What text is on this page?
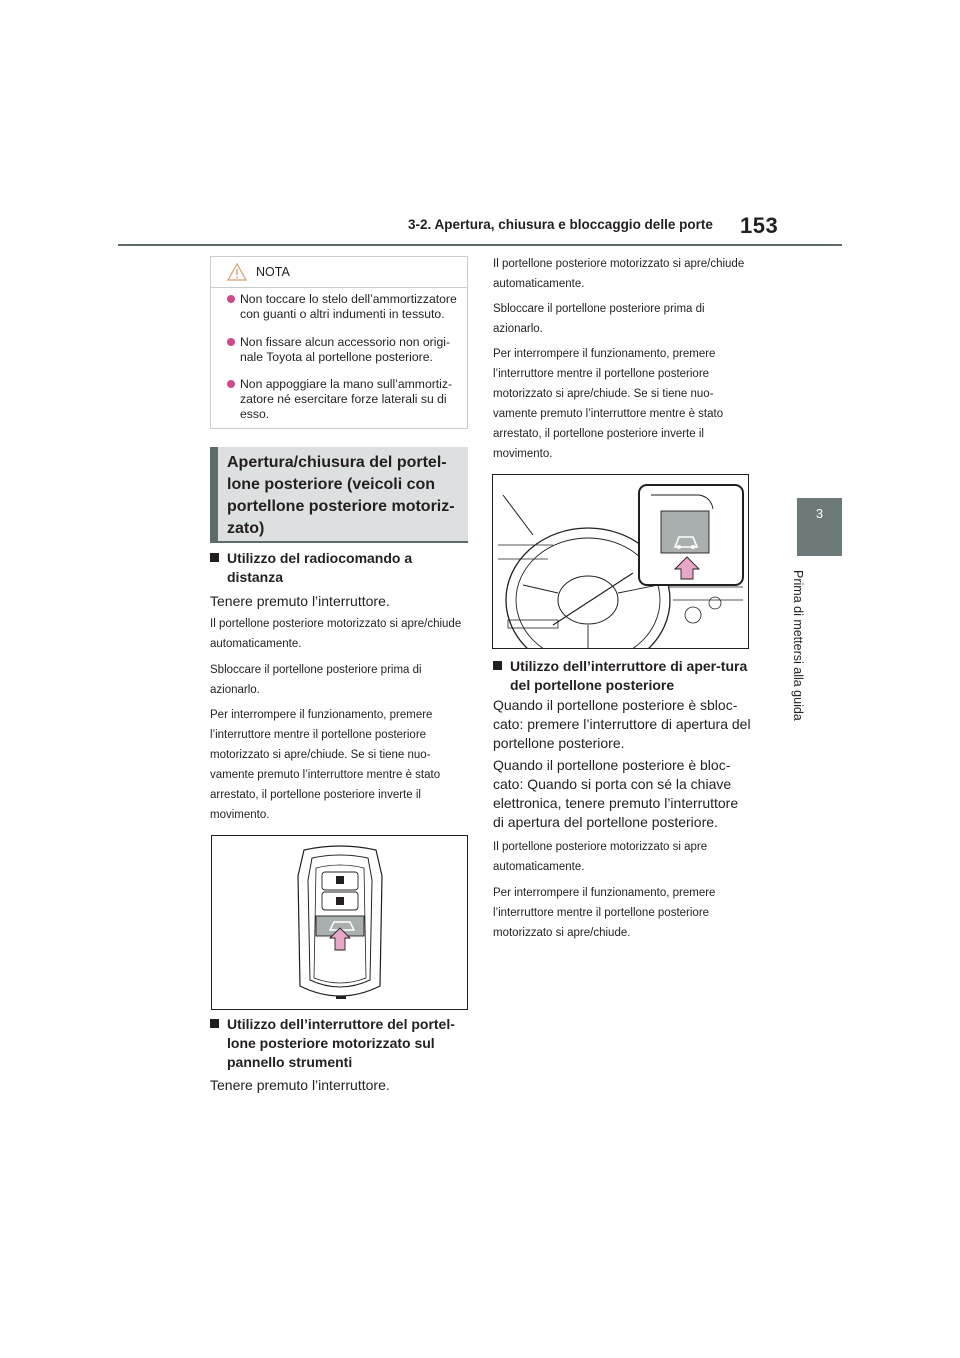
3-2. Apertura, chiusura e bloccaggio delle porte 153
3
Prima di mettersi alla guida
NOTA
Non toccare lo stelo dell’ammortizzatore con guanti o altri indumenti in tessuto.
Non fissare alcun accessorio non origi-nale Toyota al portellone posteriore.
Non appoggiare la mano sull’ammortiz-zatore né esercitare forze laterali su di esso.
Apertura/chiusura del portel-lone posteriore (veicoli con portellone posteriore motoriz-zato)
Utilizzo del radiocomando a distanza
Tenere premuto l’interruttore.
Il portellone posteriore motorizzato si apre/chiude automaticamente.
Sbloccare il portellone posteriore prima di azionarlo.
Per interrompere il funzionamento, premere l’interruttore mentre il portellone posteriore motorizzato si apre/chiude. Se si tiene nuo-vamente premuto l’interruttore mentre è stato arrestato, il portellone posteriore inverte il movimento.
Utilizzo dell’interruttore del portel-lone posteriore motorizzato sul pannello strumenti
Tenere premuto l’interruttore.
Il portellone posteriore motorizzato si apre/chiude automaticamente.
Sbloccare il portellone posteriore prima di azionarlo.
Per interrompere il funzionamento, premere l’interruttore mentre il portellone posteriore motorizzato si apre/chiude. Se si tiene nuo-vamente premuto l’interruttore mentre è stato arrestato, il portellone posteriore inverte il movimento.
Utilizzo dell’interruttore di aper-tura del portellone posteriore
Quando il portellone posteriore è sbloc-cato: premere l’interruttore di apertura del portellone posteriore.
Quando il portellone posteriore è bloc-cato: Quando si porta con sé la chiave elettronica, tenere premuto l’interruttore di apertura del portellone posteriore.
Il portellone posteriore motorizzato si apre automaticamente.
Per interrompere il funzionamento, premere l’interruttore mentre il portellone posteriore motorizzato si apre/chiude.
